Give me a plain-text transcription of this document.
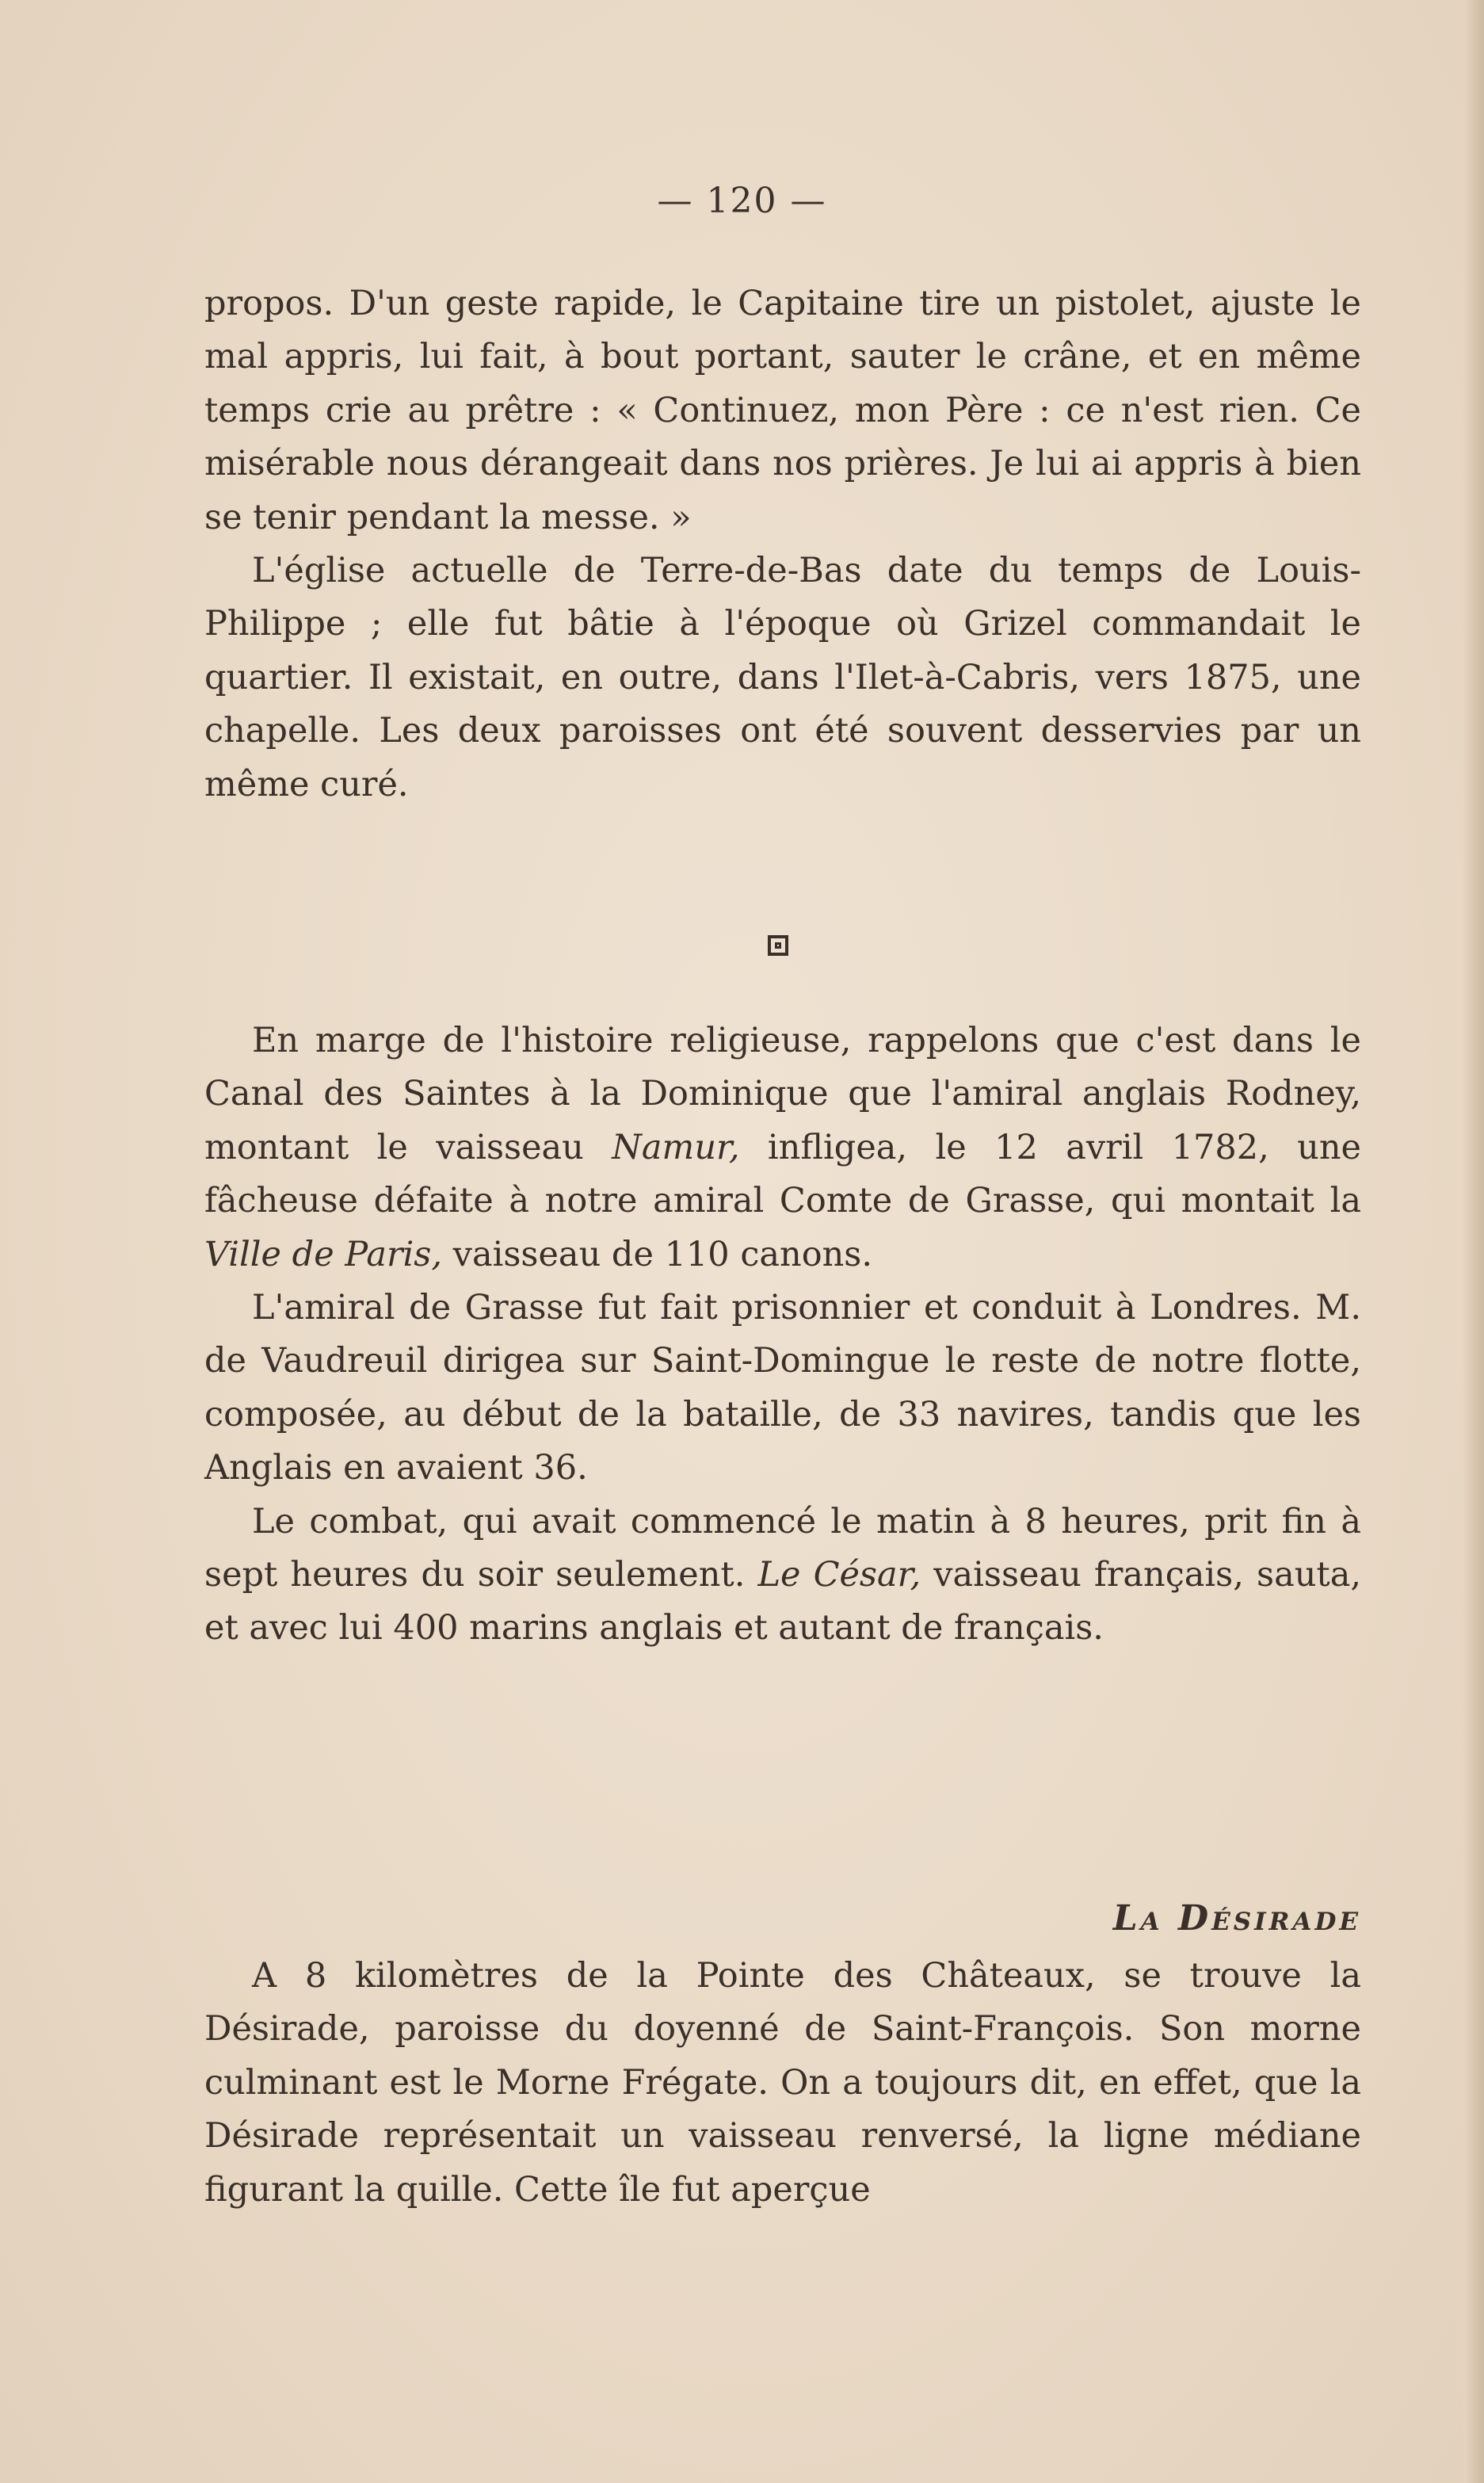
— 120 —

propos. D'un geste rapide, le Capitaine tire un pistolet, ajuste le mal appris, lui fait, à bout portant, sauter le crâne, et en même temps crie au prêtre : « Continuez, mon Père : ce n'est rien. Ce misérable nous dérangeait dans nos prières. Je lui ai appris à bien se tenir pendant la messe. »

L'église actuelle de Terre-de-Bas date du temps de Louis-Philippe ; elle fut bâtie à l'époque où Grizel commandait le quartier. Il existait, en outre, dans l'Ilet-à-Cabris, vers 1875, une chapelle. Les deux paroisses ont été souvent desservies par un même curé.

En marge de l'histoire religieuse, rappelons que c'est dans le Canal des Saintes à la Dominique que l'amiral anglais Rodney, montant le vaisseau Namur, infligea, le 12 avril 1782, une fâcheuse défaite à notre amiral Comte de Grasse, qui montait la Ville de Paris, vaisseau de 110 canons.

L'amiral de Grasse fut fait prisonnier et conduit à Londres. M. de Vaudreuil dirigea sur Saint-Domingue le reste de notre flotte, composée, au début de la bataille, de 33 navires, tandis que les Anglais en avaient 36.

Le combat, qui avait commencé le matin à 8 heures, prit fin à sept heures du soir seulement. Le César, vaisseau français, sauta, et avec lui 400 marins anglais et autant de français.

La Désirade

A 8 kilomètres de la Pointe des Châteaux, se trouve la Désirade, paroisse du doyenné de Saint-François. Son morne culminant est le Morne Frégate. On a toujours dit, en effet, que la Désirade représentait un vaisseau renversé, la ligne médiane figurant la quille. Cette île fut aperçue
